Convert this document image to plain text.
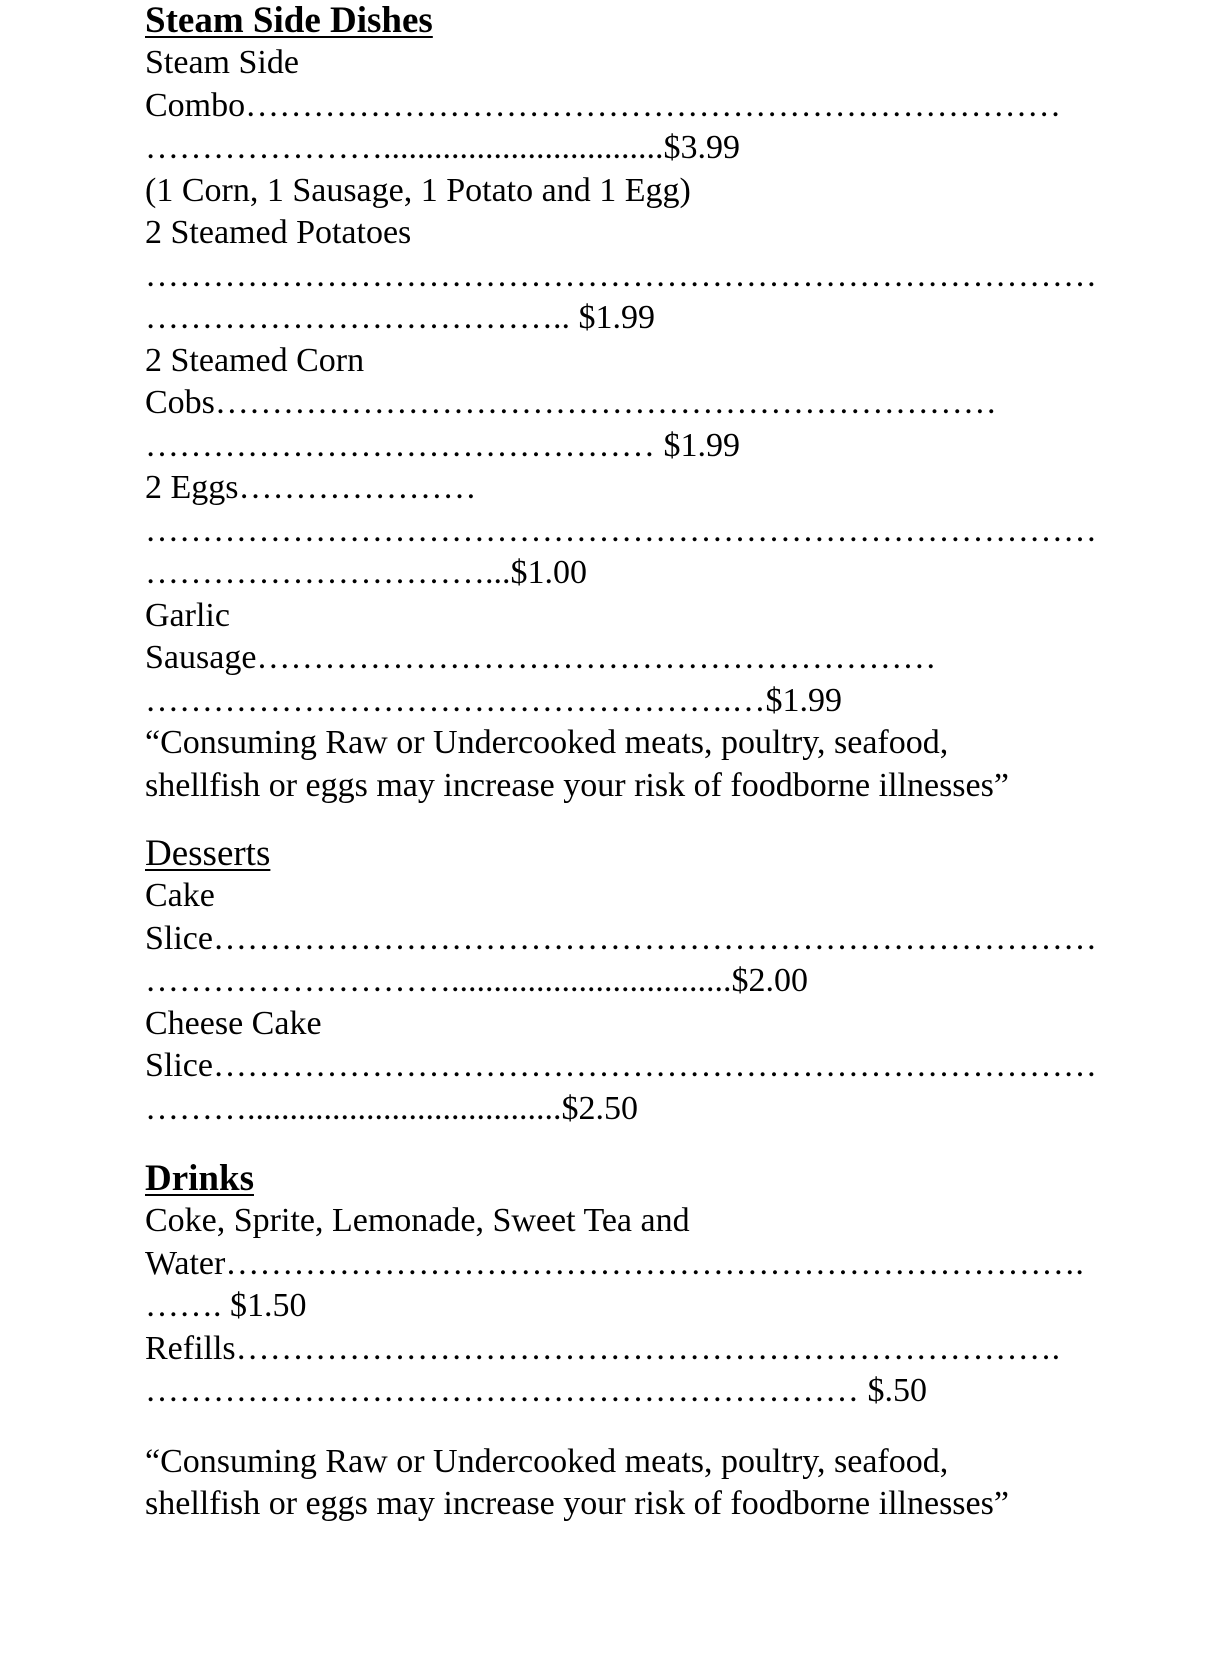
Steam Side Dishes
Steam Side
Combo………………………………………………………………
………………….................................$3.99
(1 Corn, 1 Sausage, 1 Potato and 1 Egg)
2 Steamed Potatoes
…………………………………………………………………………
……………………………….. $1.99
2 Steamed Corn
Cobs……………………………………………………………
……………………………………… $1.99
2 Eggs…………………
…………………………………………………………………………
…………………………...$1.00
Garlic
Sausage……………………………………………………
…………………………………………….…$1.99
“Consuming Raw or Undercooked meats, poultry, seafood,
shellfish or eggs may increase your risk of foodborne illnesses”
Desserts
Cake
Slice……………………………………………………………………
……………………….................................$2.00
Cheese Cake
Slice……………………………………………………………………
……….....................................$2.50
Drinks
Coke, Sprite, Lemonade, Sweet Tea and
Water………………………………………………………………….
……. $1.50
Refills……………………………………………………………….
……………………………………………………… $.50
“Consuming Raw or Undercooked meats, poultry, seafood,
shellfish or eggs may increase your risk of foodborne illnesses”
